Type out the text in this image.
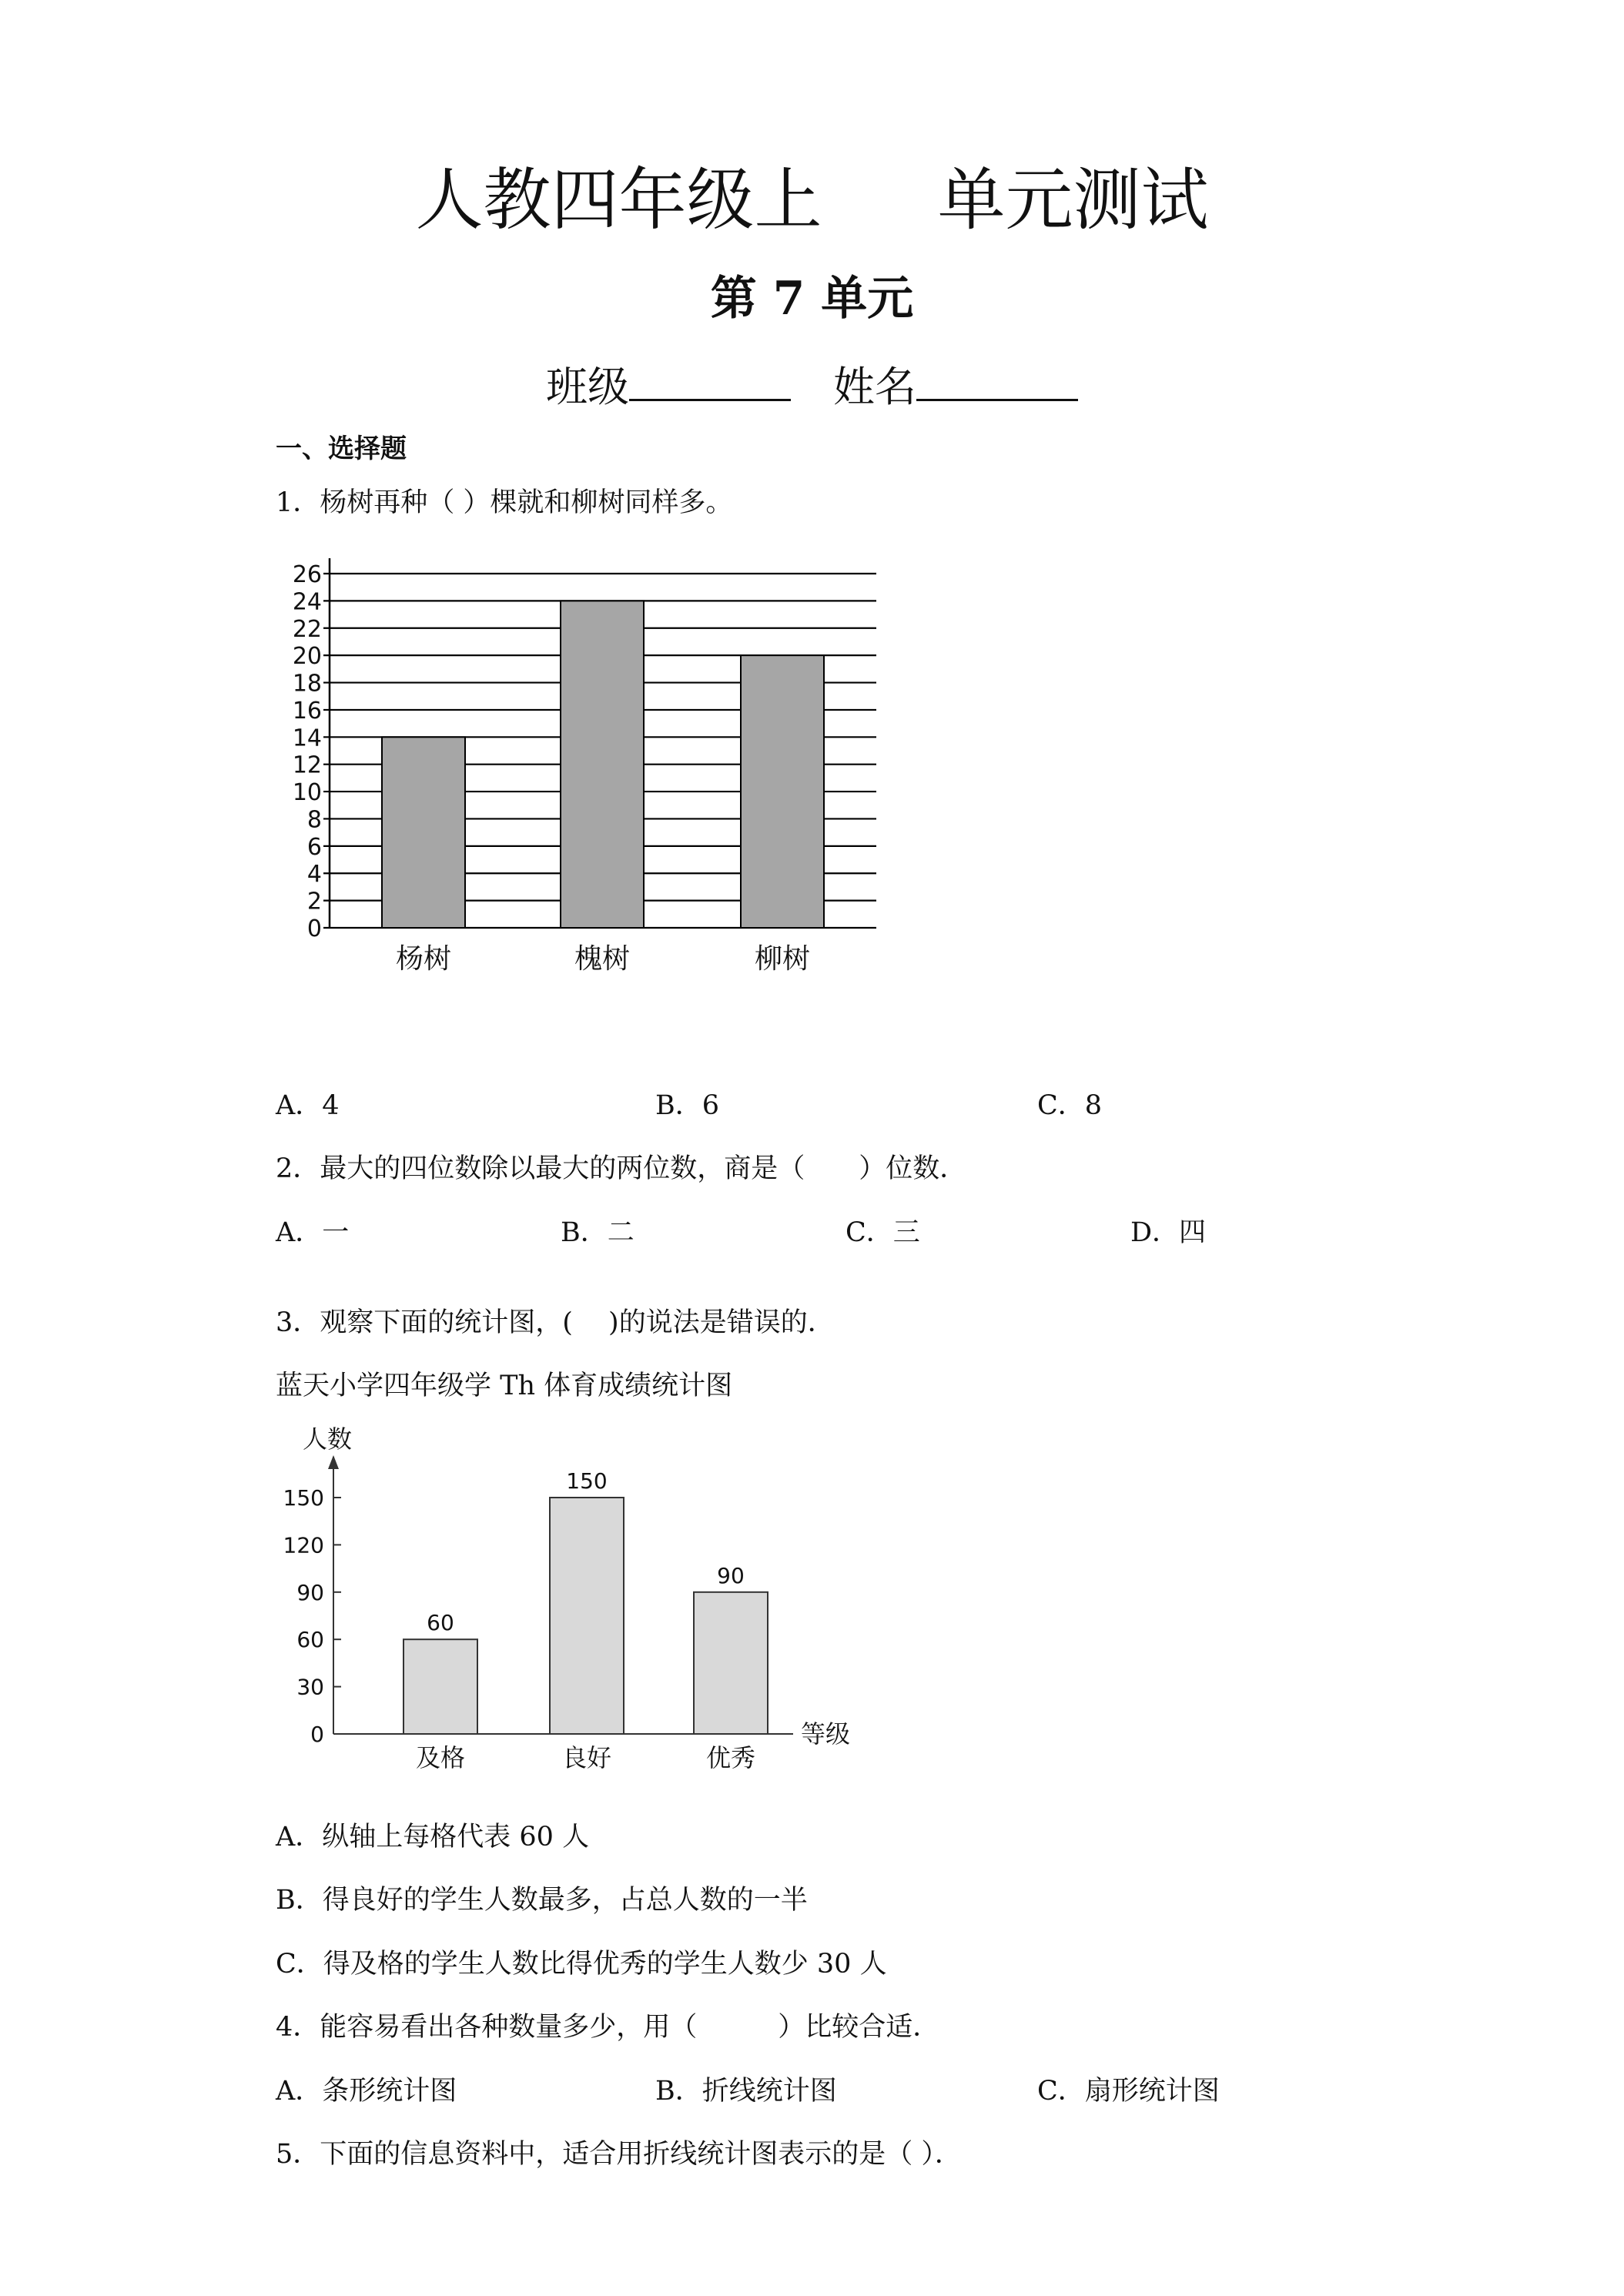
人教四年级上 单元测试
第 7 单元
班级	姓名
一、选择题
1．杨树再种（ ）棵就和柳树同样多。
0
2
4
6
8
10
12
14
16
18
20
22
24
26
杨树	槐树	柳树
A．4	B．6	C．8
2．最大的四位数除以最大的两位数，商是（　　）位数．
A．一	B．二	C．三	D．四
3．观察下面的统计图，(　 )的说法是错误的．
蓝天小学四年级学 Th 体育成绩统计图
人数
等级
0
30
60
90
120
150
60
及格
150
良好
90
优秀
A．纵轴上每格代表 60 人
B．得良好的学生人数最多，占总人数的一半
C．得及格的学生人数比得优秀的学生人数少 30 人
4．能容易看出各种数量多少，用（　　　）比较合适．
A．条形统计图	B．折线统计图	C．扇形统计图
5．下面的信息资料中，适合用折线统计图表示的是（ ）．
